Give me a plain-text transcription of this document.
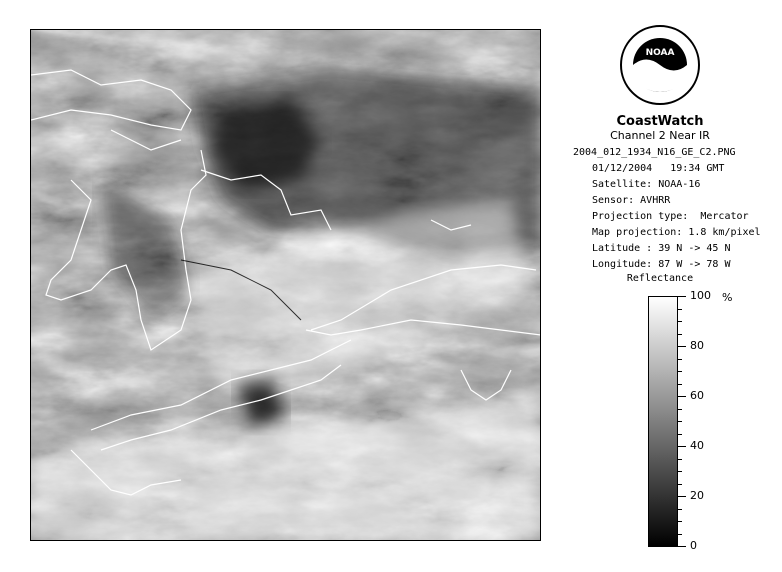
NOAA
CoastWatch
Channel 2 Near IR
2004_012_1934_N16_GE_C2.PNG
01/12/2004   19:34 GMT
Satellite: NOAA-16
Sensor: AVHRR
Projection type:  Mercator
Map projection: 1.8 km/pixel
Latitude : 39 N -> 45 N
Longitude: 87 W -> 78 W
Reflectance
100
80
60
40
20
0
%
